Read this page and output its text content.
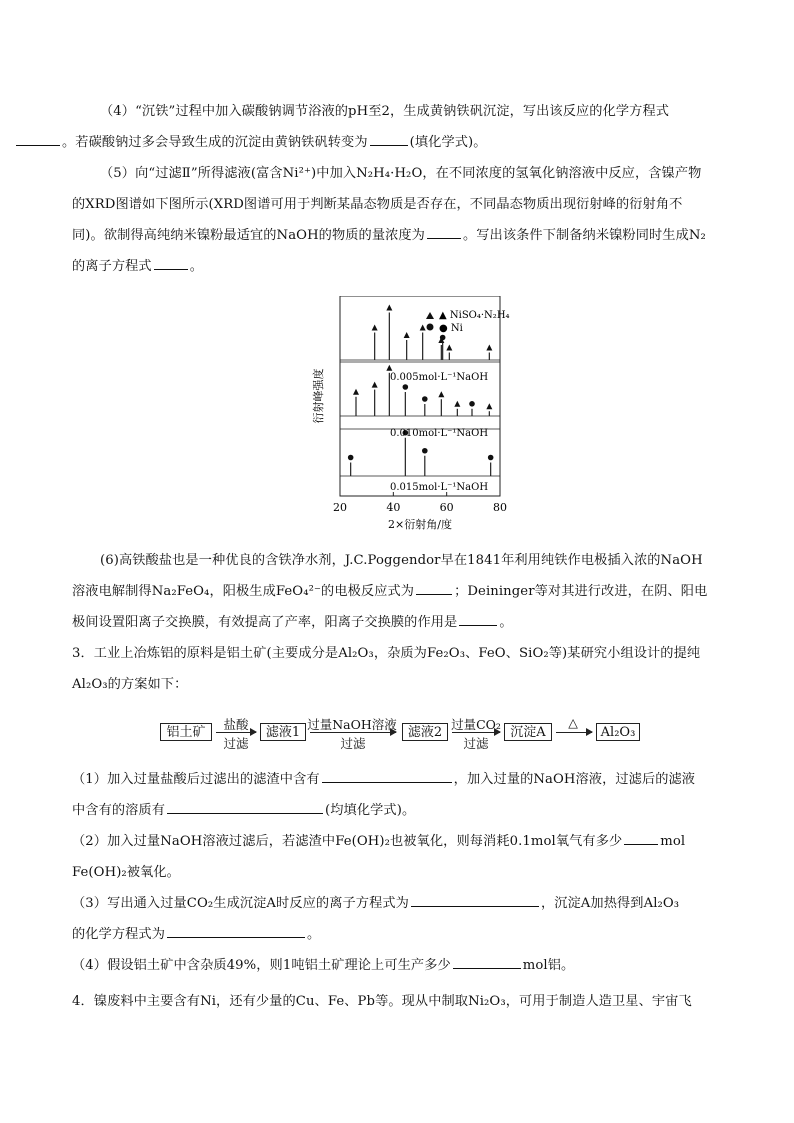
（4）“沉铁”过程中加入碳酸钠调节浴液的pH至2，生成黄钠铁矾沉淀，写出该反应的化学方程式
。若碳酸钠过多会导致生成的沉淀由黄钠铁矾转变为	(填化学式)。
（5）向“过滤Ⅱ”所得滤液(富含Ni²⁺)中加入N₂H₄·H₂O，在不同浓度的氢氧化钠溶液中反应，含镍产物
的XRD图谱如下图所示(XRD图谱可用于判断某晶态物质是否存在，不同晶态物质出现衍射峰的衍射角不
同)。欲制得高纯纳米镍粉最适宜的NaOH的物质的量浓度为	。写出该条件下制备纳米镍粉同时生成N₂
的离子方程式	。
▲ NiSO₄·N₂H₄
● Ni
0.005mol·L⁻¹NaOH
0.010mol·L⁻¹NaOH
0.015mol·L⁻¹NaOH
20	40	60	80
2×衍射角/度
衍射峰强度
(6)高铁酸盐也是一种优良的含铁净水剂，J.C.Poggendor早在1841年利用纯铁作电极插入浓的NaOH
溶液电解制得Na₂FeO₄，阳极生成FeO₄²⁻的电极反应式为	；Deininger等对其进行改进，在阴、阳电
极间设置阳离子交换膜，有效提高了产率，阳离子交换膜的作用是	。
3．工业上冶炼铝的原料是铝土矿(主要成分是Al₂O₃，杂质为Fe₂O₃、FeO、SiO₂等)某研究小组设计的提纯
Al₂O₃的方案如下：
铝土矿
盐酸
过滤
滤液1
过量NaOH溶液
过滤
滤液2
过量CO₂
过滤
沉淀A
△
Al₂O₃
（1）加入过量盐酸后过滤出的滤渣中含有	，加入过量的NaOH溶液，过滤后的滤液
中含有的溶质有	(均填化学式)。
（2）加入过量NaOH溶液过滤后，若滤渣中Fe(OH)₂也被氧化，则每消耗0.1mol氧气有多少	mol
Fe(OH)₂被氧化。
（3）写出通入过量CO₂生成沉淀A时反应的离子方程式为	，沉淀A加热得到Al₂O₃
的化学方程式为	。
（4）假设铝土矿中含杂质49%，则1吨铝土矿理论上可生产多少	mol铝。
4．镍废料中主要含有Ni，还有少量的Cu、Fe、Pb等。现从中制取Ni₂O₃，可用于制造人造卫星、宇宙飞
